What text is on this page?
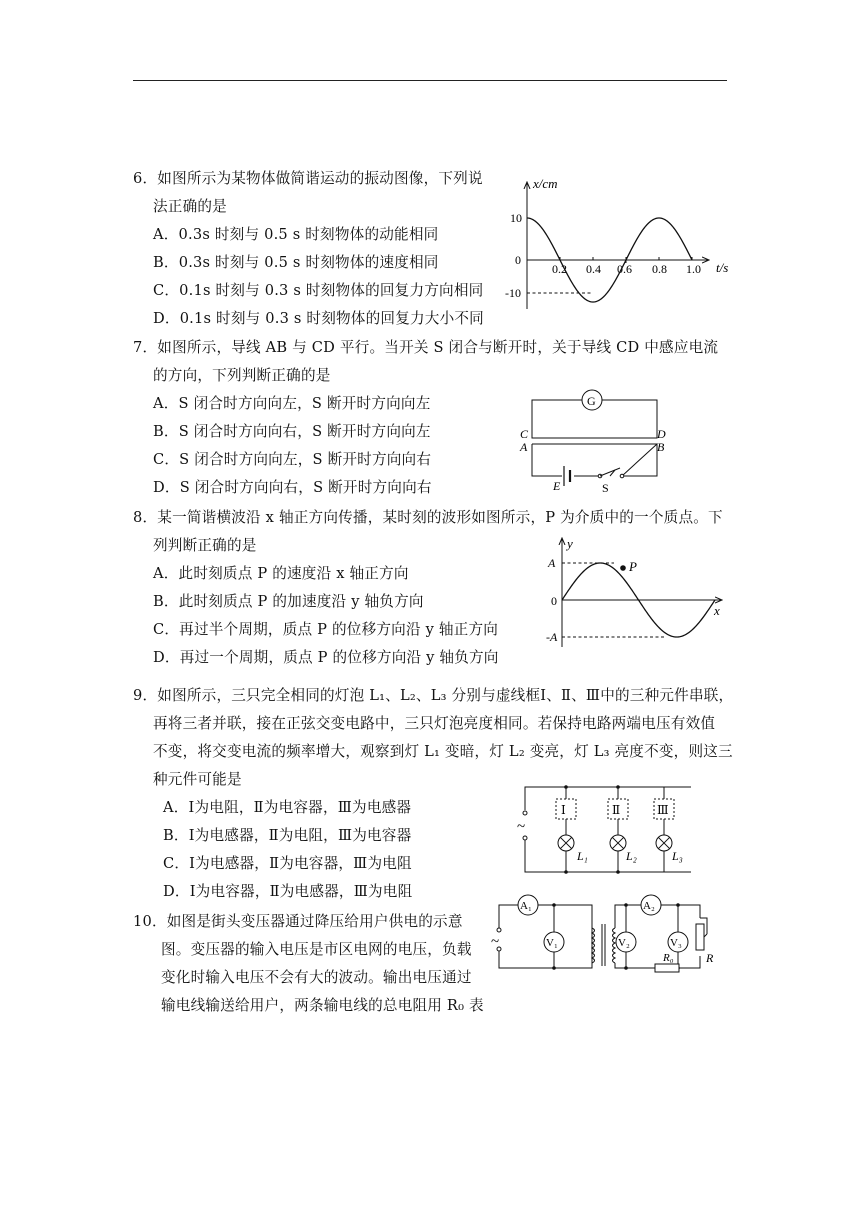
6．如图所示为某物体做简谐运动的振动图像，下列说
法正确的是
A．0.3s 时刻与 0.5 s 时刻物体的动能相同
B．0.3s 时刻与 0.5 s 时刻物体的速度相同
C．0.1s 时刻与 0.3 s 时刻物体的回复力方向相同
D．0.1s 时刻与 0.3 s 时刻物体的回复力大小不同
x/cm
t/s
10
0
-10
0.2 0.4 0.6 0.8 1.0
7．如图所示，导线 AB 与 CD 平行。当开关 S 闭合与断开时，关于导线 CD 中感应电流
的方向，下列判断正确的是
A．S 闭合时方向向左，S 断开时方向向左
B．S 闭合时方向向右，S 断开时方向向左
C．S 闭合时方向向左，S 断开时方向向右
D．S 闭合时方向向右，S 断开时方向向右
G
C	D
A	B
E	S
8．某一简谐横波沿 x 轴正方向传播，某时刻的波形如图所示，P 为介质中的一个质点。下
列判断正确的是
A．此时刻质点 P 的速度沿 x 轴正方向
B．此时刻质点 P 的加速度沿 y 轴负方向
C．再过半个周期，质点 P 的位移方向沿 y 轴正方向
D．再过一个周期，质点 P 的位移方向沿 y 轴负方向
y
x
A
0
-A
P
9．如图所示，三只完全相同的灯泡 L₁、L₂、L₃ 分别与虚线框Ⅰ、Ⅱ、Ⅲ中的三种元件串联，
再将三者并联，接在正弦交变电路中，三只灯泡亮度相同。若保持电路两端电压有效值
不变，将交变电流的频率增大，观察到灯 L₁ 变暗，灯 L₂ 变亮，灯 L₃ 亮度不变，则这三
种元件可能是
A．Ⅰ为电阻，Ⅱ为电容器，Ⅲ为电感器
B．Ⅰ为电感器，Ⅱ为电阻，Ⅲ为电容器
C．Ⅰ为电感器，Ⅱ为电容器，Ⅲ为电阻
D．Ⅰ为电容器，Ⅱ为电感器，Ⅲ为电阻
~
Ⅰ	Ⅱ	Ⅲ
L₁	L₂	L₃
10．如图是街头变压器通过降压给用户供电的示意
图。变压器的输入电压是市区电网的电压，负载
变化时输入电压不会有大的波动。输出电压通过
输电线输送给用户，两条输电线的总电阻用 R₀ 表
~
A₁
V₁
A₂
V₂	V₃
R
R₀
